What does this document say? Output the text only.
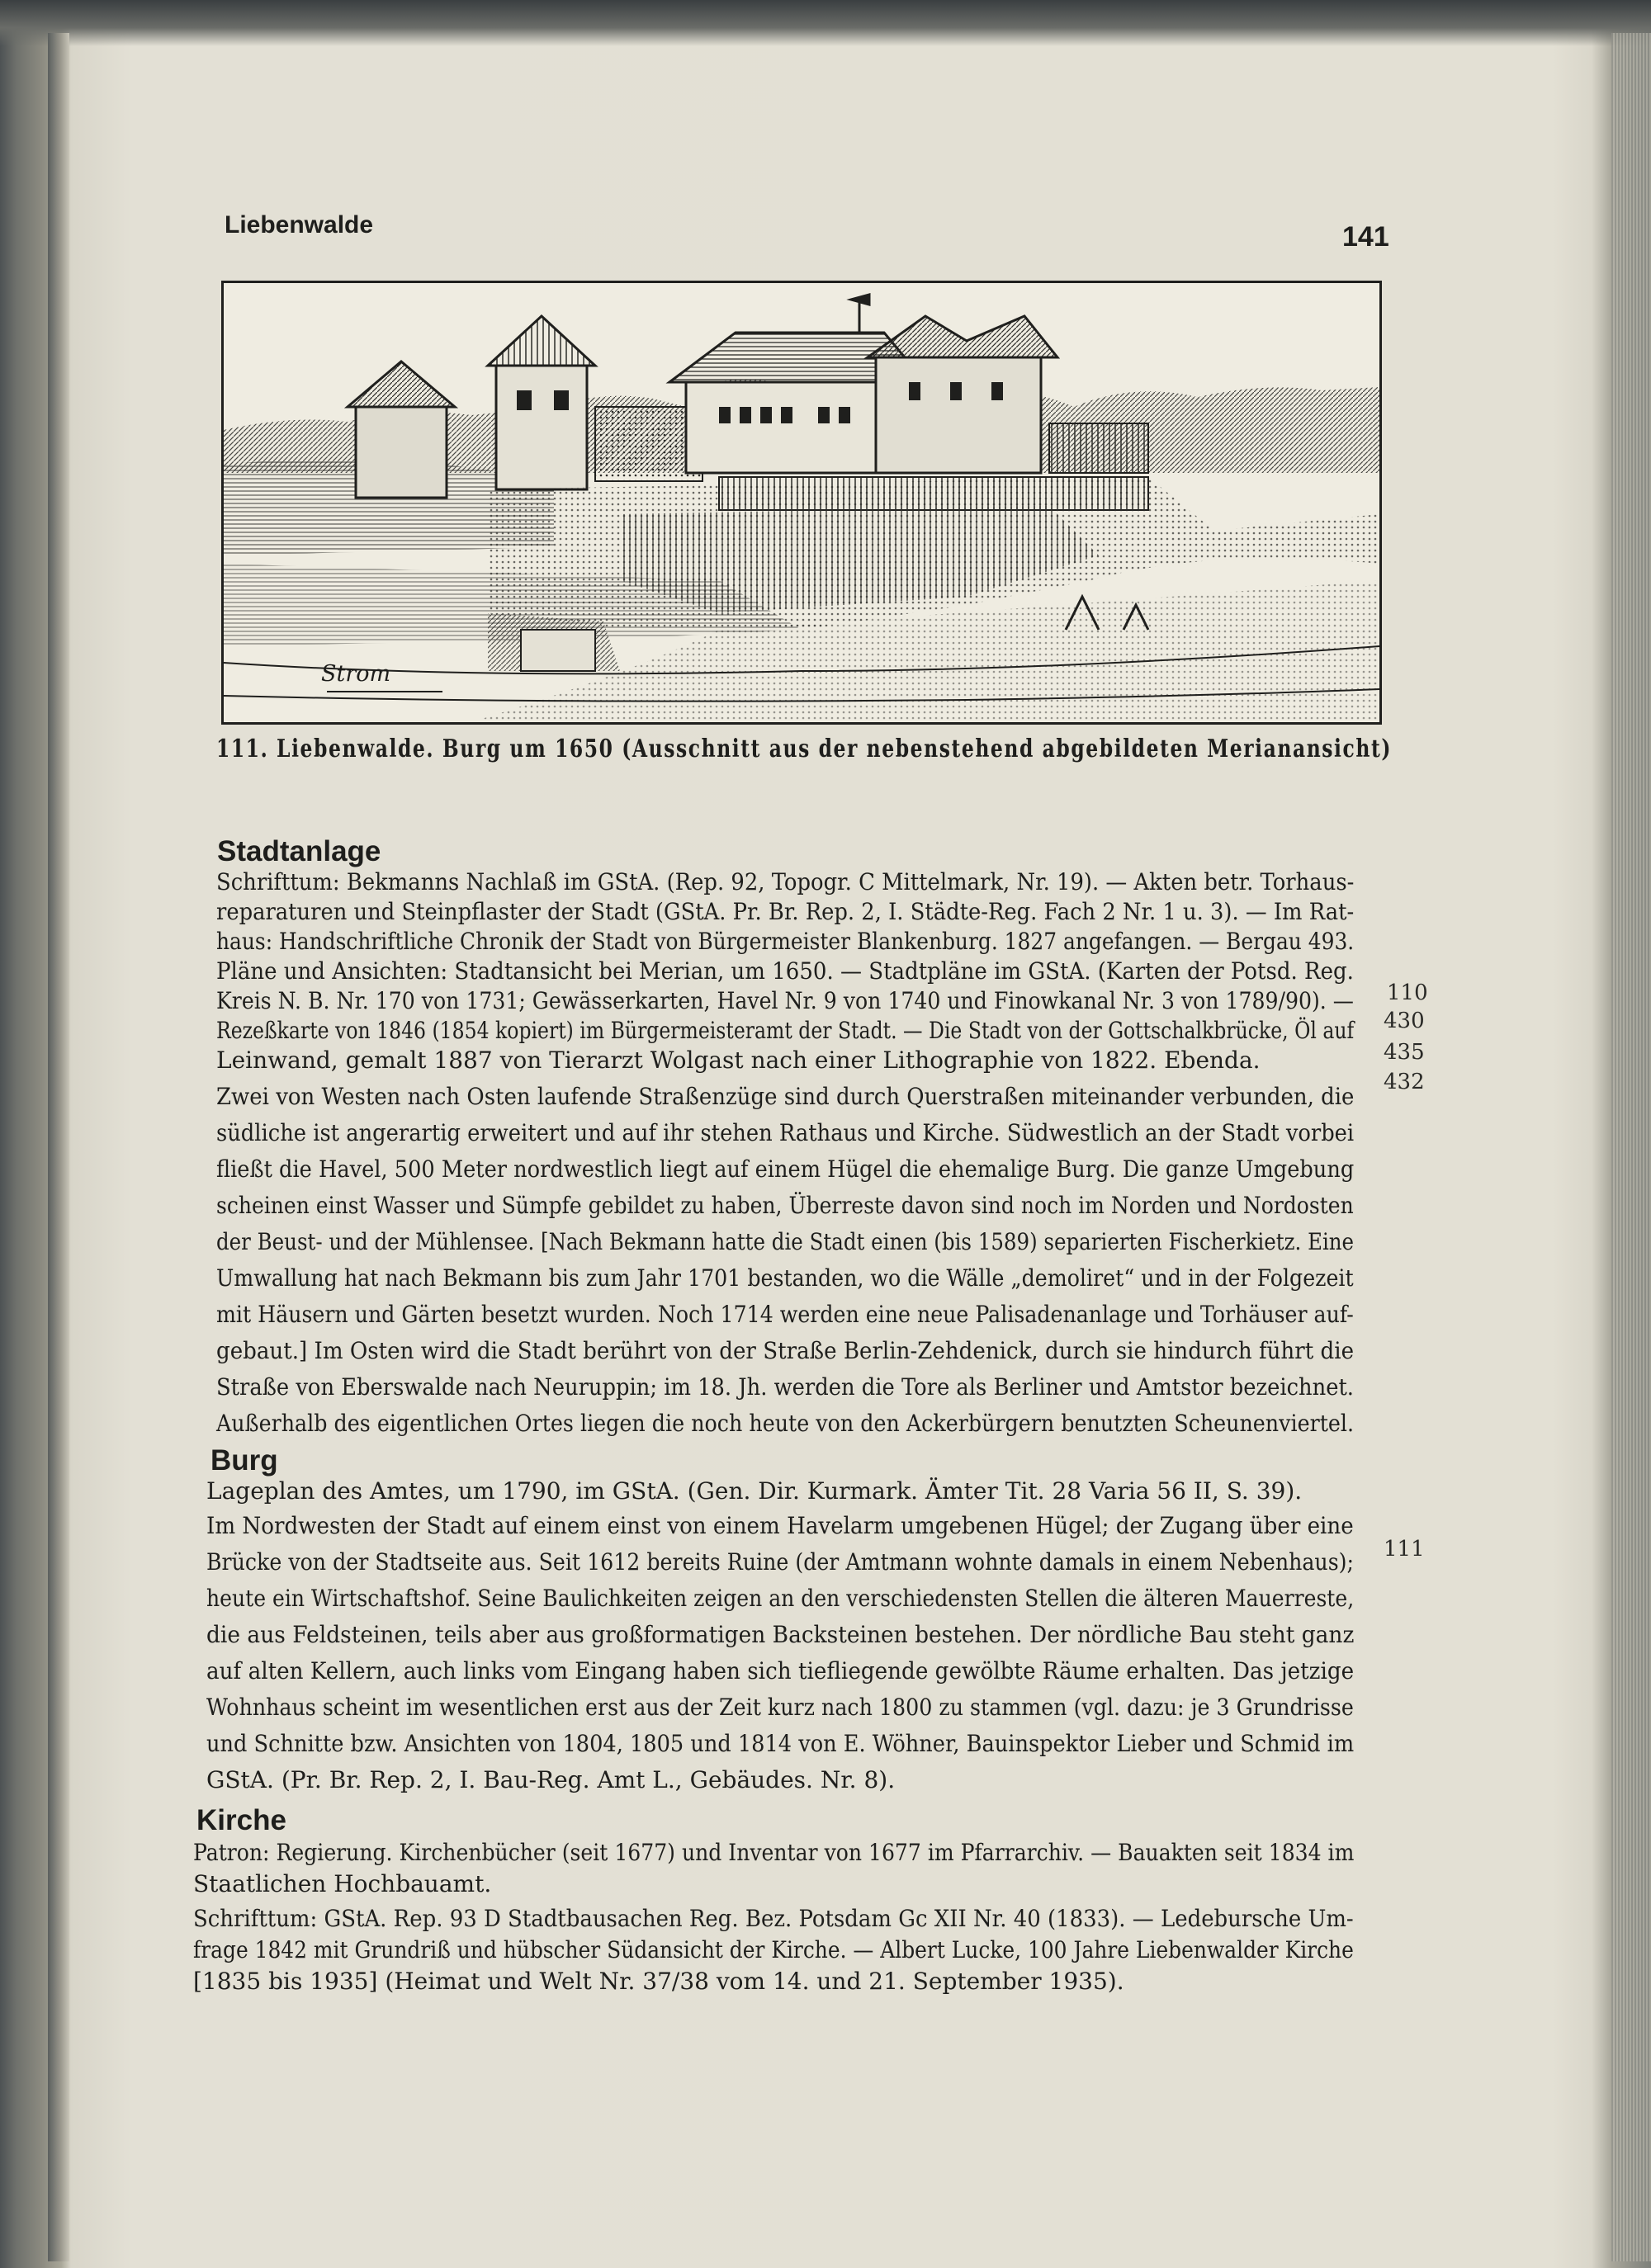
Liebenwalde	141
Strom
111. Liebenwalde. Burg um 1650 (Ausschnitt aus der nebenstehend abgebildeten Merianansicht)
Stadtanlage
Schrifttum: Bekmanns Nachlaß im GStA. (Rep. 92, Topogr. C Mittelmark, Nr. 19). — Akten betr. Torhaus-
reparaturen und Steinpflaster der Stadt (GStA. Pr. Br. Rep. 2, I. Städte-Reg. Fach 2 Nr. 1 u. 3). — Im Rat-
haus: Handschriftliche Chronik der Stadt von Bürgermeister Blankenburg. 1827 angefangen. — Bergau 493.
Pläne und Ansichten: Stadtansicht bei Merian, um 1650. — Stadtpläne im GStA. (Karten der Potsd. Reg.
Kreis N. B. Nr. 170 von 1731; Gewässerkarten, Havel Nr. 9 von 1740 und Finowkanal Nr. 3 von 1789/90). —
Rezeßkarte von 1846 (1854 kopiert) im Bürgermeisteramt der Stadt. — Die Stadt von der Gottschalkbrücke, Öl auf
Leinwand, gemalt 1887 von Tierarzt Wolgast nach einer Lithographie von 1822. Ebenda.
Zwei von Westen nach Osten laufende Straßenzüge sind durch Querstraßen miteinander verbunden, die
südliche ist angerartig erweitert und auf ihr stehen Rathaus und Kirche. Südwestlich an der Stadt vorbei
fließt die Havel, 500 Meter nordwestlich liegt auf einem Hügel die ehemalige Burg. Die ganze Umgebung
scheinen einst Wasser und Sümpfe gebildet zu haben, Überreste davon sind noch im Norden und Nordosten
der Beust- und der Mühlensee. [Nach Bekmann hatte die Stadt einen (bis 1589) separierten Fischerkietz. Eine
Umwallung hat nach Bekmann bis zum Jahr 1701 bestanden, wo die Wälle „demoliret“ und in der Folgezeit
mit Häusern und Gärten besetzt wurden. Noch 1714 werden eine neue Palisadenanlage und Torhäuser auf-
gebaut.] Im Osten wird die Stadt berührt von der Straße Berlin-Zehdenick, durch sie hindurch führt die
Straße von Eberswalde nach Neuruppin; im 18. Jh. werden die Tore als Berliner und Amtstor bezeichnet.
Außerhalb des eigentlichen Ortes liegen die noch heute von den Ackerbürgern benutzten Scheunenviertel.
110
430
435
432
Burg
Lageplan des Amtes, um 1790, im GStA. (Gen. Dir. Kurmark. Ämter Tit. 28 Varia 56 II, S. 39).
Im Nordwesten der Stadt auf einem einst von einem Havelarm umgebenen Hügel; der Zugang über eine
Brücke von der Stadtseite aus. Seit 1612 bereits Ruine (der Amtmann wohnte damals in einem Nebenhaus);
heute ein Wirtschaftshof. Seine Baulichkeiten zeigen an den verschiedensten Stellen die älteren Mauerreste,
die aus Feldsteinen, teils aber aus großformatigen Backsteinen bestehen. Der nördliche Bau steht ganz
auf alten Kellern, auch links vom Eingang haben sich tiefliegende gewölbte Räume erhalten. Das jetzige
Wohnhaus scheint im wesentlichen erst aus der Zeit kurz nach 1800 zu stammen (vgl. dazu: je 3 Grundrisse
und Schnitte bzw. Ansichten von 1804, 1805 und 1814 von E. Wöhner, Bauinspektor Lieber und Schmid im
GStA. (Pr. Br. Rep. 2, I. Bau-Reg. Amt L., Gebäudes. Nr. 8).
111
Kirche
Patron: Regierung. Kirchenbücher (seit 1677) und Inventar von 1677 im Pfarrarchiv. — Bauakten seit 1834 im
Staatlichen Hochbauamt.
Schrifttum: GStA. Rep. 93 D Stadtbausachen Reg. Bez. Potsdam Gc XII Nr. 40 (1833). — Ledebursche Um-
frage 1842 mit Grundriß und hübscher Südansicht der Kirche. — Albert Lucke, 100 Jahre Liebenwalder Kirche
[1835 bis 1935] (Heimat und Welt Nr. 37/38 vom 14. und 21. September 1935).
